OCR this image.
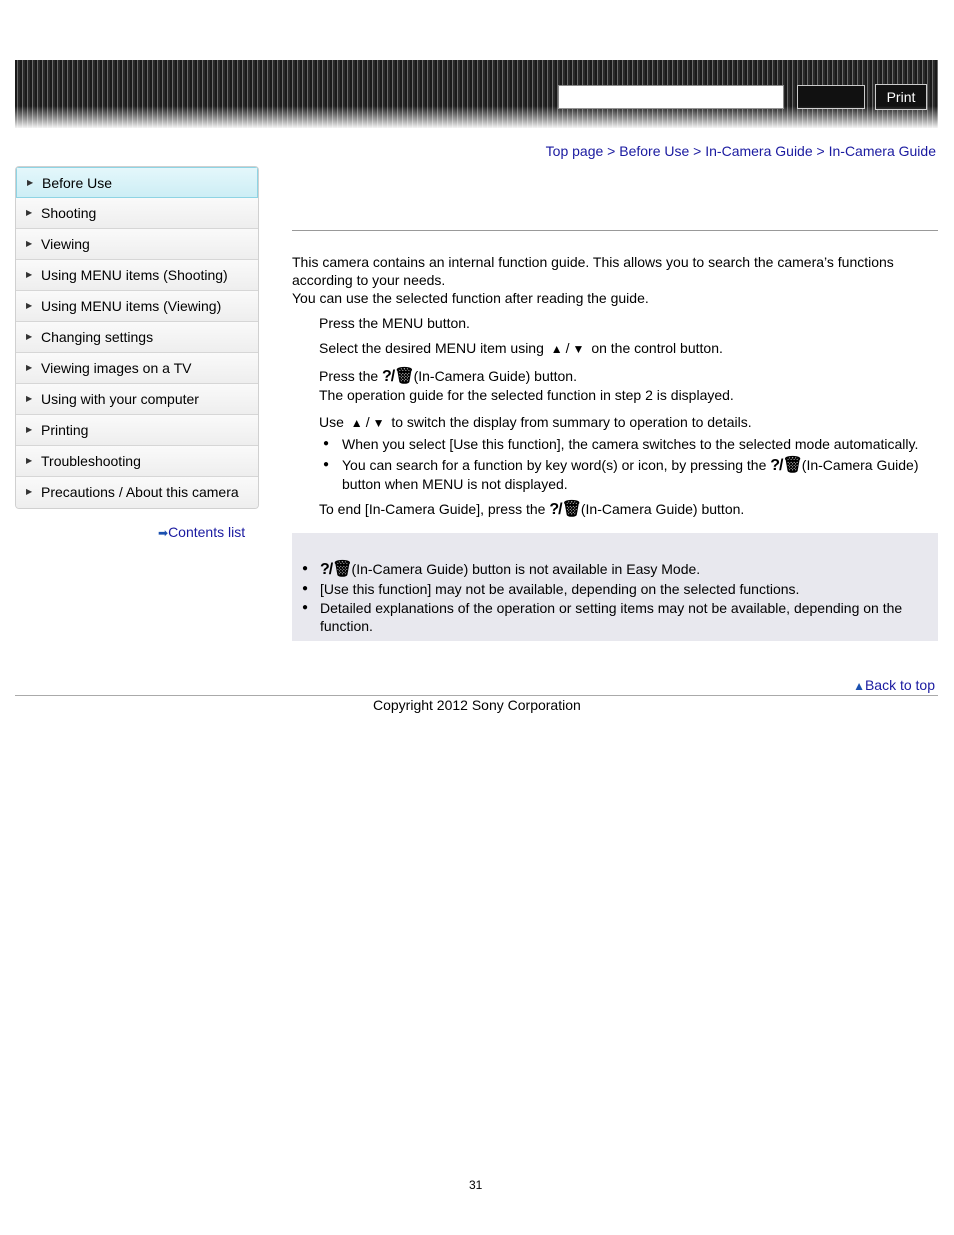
Print
Top page > Before Use > In-Camera Guide > In-Camera Guide
▶ Before Use
▶ Shooting
▶ Viewing
▶ Using MENU items (Shooting)
▶ Using MENU items (Viewing)
▶ Changing settings
▶ Viewing images on a TV
▶ Using with your computer
▶ Printing
▶ Troubleshooting
▶ Precautions / About this camera
➡Contents list
This camera contains an internal function guide. This allows you to search the camera’s functions according to your needs.
You can use the selected function after reading the guide.
Press the MENU button.
Select the desired MENU item using ▲ / ▼ on the control button.
Press the ?/🗑(In-Camera Guide) button.
The operation guide for the selected function in step 2 is displayed.
Use ▲ / ▼ to switch the display from summary to operation to details.
● When you select [Use this function], the camera switches to the selected mode automatically.
● You can search for a function by key word(s) or icon, by pressing the ?/🗑(In-Camera Guide) button when MENU is not displayed.
To end [In-Camera Guide], press the ?/🗑(In-Camera Guide) button.
● ?/🗑(In-Camera Guide) button is not available in Easy Mode.
● [Use this function] may not be available, depending on the selected functions.
● Detailed explanations of the operation or setting items may not be available, depending on the function.
▲Back to top
Copyright 2012 Sony Corporation
31
